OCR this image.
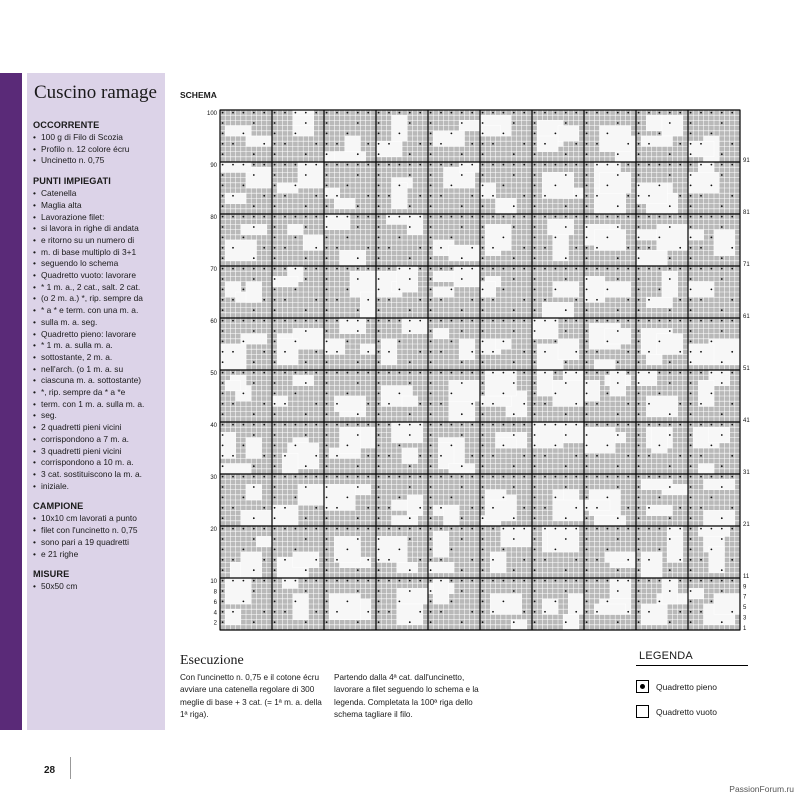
Cuscino ramage
OCCORRENTE
• 100 g di Filo di Scozia
• Profilo n. 12 colore écru
• Uncinetto n. 0,75
PUNTI IMPIEGATI
• Catenella
• Maglia alta
• Lavorazione filet:
• si lavora in righe di andata
• e ritorno su un numero di
• m. di base multiplo di 3+1
• seguendo lo schema
• Quadretto vuoto: lavorare
• * 1 m. a., 2 cat., salt. 2 cat.
• (o 2 m. a.) *, rip. sempre da
• * a * e term. con una m. a.
• sulla m. a. seg.
• Quadretto pieno: lavorare
• * 1 m. a. sulla m. a.
• sottostante, 2 m. a.
• nell'arch. (o 1 m. a. su
• ciascuna m. a. sottostante)
• *, rip. sempre da * a *e
• term. con 1 m. a. sulla m. a.
• seg.
• 2 quadretti pieni vicini
• corrispondono a 7 m. a.
• 3 quadretti pieni vicini
• corrispondono a 10 m. a.
• 3 cat. sostituiscono la m. a.
• iniziale.
CAMPIONE
• 10x10 cm lavorati a punto
• filet con l'uncinetto n. 0,75
• sono pari a 19 quadretti
• e 21 righe
MISURE
• 50x50 cm
SCHEMA
100
90
80
70
60
50
40
30
20
10
8
6
4
2
91
81
71
61
51
41
31
21
11
9
7
5
3
1
Esecuzione
Con l'uncinetto n. 0,75 e il cotone écru avviare una catenella regolare di 300 meglie di base + 3 cat. (= 1ª m. a. della 1ª riga).
Partendo dalla 4ª cat. dall'uncinetto, lavorare a filet seguendo lo schema e la legenda. Completata la 100ª riga dello schema tagliare il filo.
LEGENDA
Quadretto pieno
Quadretto vuoto
28
PassionForum.ru
